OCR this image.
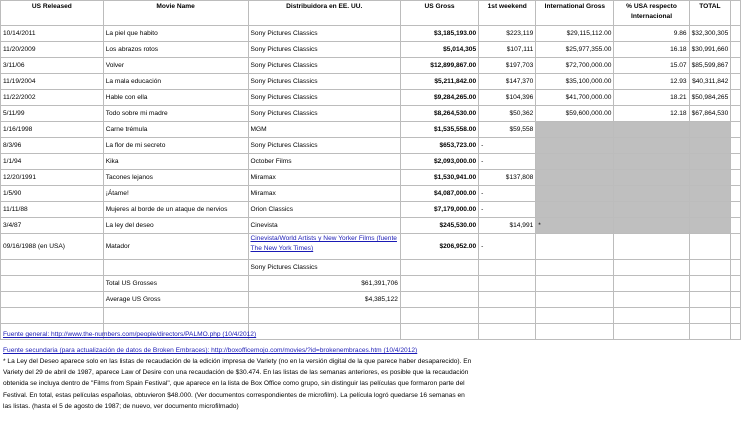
US Released	Movie Name	Distribuidora en EE. UU.	US Gross	1st weekend	International Gross	% USA respecto Internacional	TOTAL	
10/14/2011	La piel que habito	Sony Pictures Classics	$3,185,193.00	$223,119	$29,115,112.00	9.86	$32,300,305	
11/20/2009	Los abrazos rotos	Sony Pictures Classics	$5,014,305	$107,111	$25,977,355.00	16.18	$30,991,660	
3/11/06	Volver	Sony Pictures Classics	$12,899,867.00	$197,703	$72,700,000.00	15.07	$85,599,867	
11/19/2004	La mala educación	Sony Pictures Classics	$5,211,842.00	$147,370	$35,100,000.00	12.93	$40,311,842	
11/22/2002	Hable con ella	Sony Pictures Classics	$9,284,265.00	$104,396	$41,700,000.00	18.21	$50,984,265	
5/11/99	Todo sobre mi madre	Sony Pictures Classics	$8,264,530.00	$50,362	$59,600,000.00	12.18	$67,864,530	
1/16/1998	Carne trémula	MGM	$1,535,558.00	$59,558				
8/3/96	La flor de mi secreto	Sony Pictures Classics	$653,723.00	-				
1/1/94	Kika	October Films	$2,093,000.00	-				
12/20/1991	Tacones lejanos	Miramax	$1,530,941.00	$137,808				
1/5/90	¡Átame!	Miramax	$4,087,000.00	-				
11/11/88	Mujeres al borde de un ataque de nervios	Orion Classics	$7,179,000.00	-				
3/4/87	La ley del deseo	Cinevista	$245,530.00	$14,991	*			
09/16/1988 (en USA)	Matador	Cinevista/World Artists y New Yorker Films (fuente The New York Times)	$206,952.00	-				
		Sony Pictures Classics						
	Total US Grosses	$61,391,706						
	Average US Gross	$4,385,122						

Fuente general: http://www.the-numbers.com/people/directors/PALMO.php (10/4/2012)
Fuente secundaria (para actualización de datos de Broken Embraces): http://boxofficemojo.com/movies/?id=brokenembraces.htm (10/4/2012)
* La Ley del Deseo aparece solo en las listas de recaudación de la edición impresa de Variety (no en la versión digital de la que parece haber desaparecido). En Variety del 29 de abril de 1987, aparece Law of Desire con una recaudación de $30.474. En las listas de las semanas anteriores, es posible que la recaudación obtenida se incluya dentro de "Films from Spain Festival", que aparece en la lista de Box Office como grupo, sin distinguir las películas que formaron parte del Festival. En total, estas películas españolas, obtuvieron $48.000. (Ver documentos correspondientes de microfilm). La película logró quedarse 16 semanas en las listas. (hasta el 5 de agosto de 1987; de nuevo, ver documento microfilmado)
